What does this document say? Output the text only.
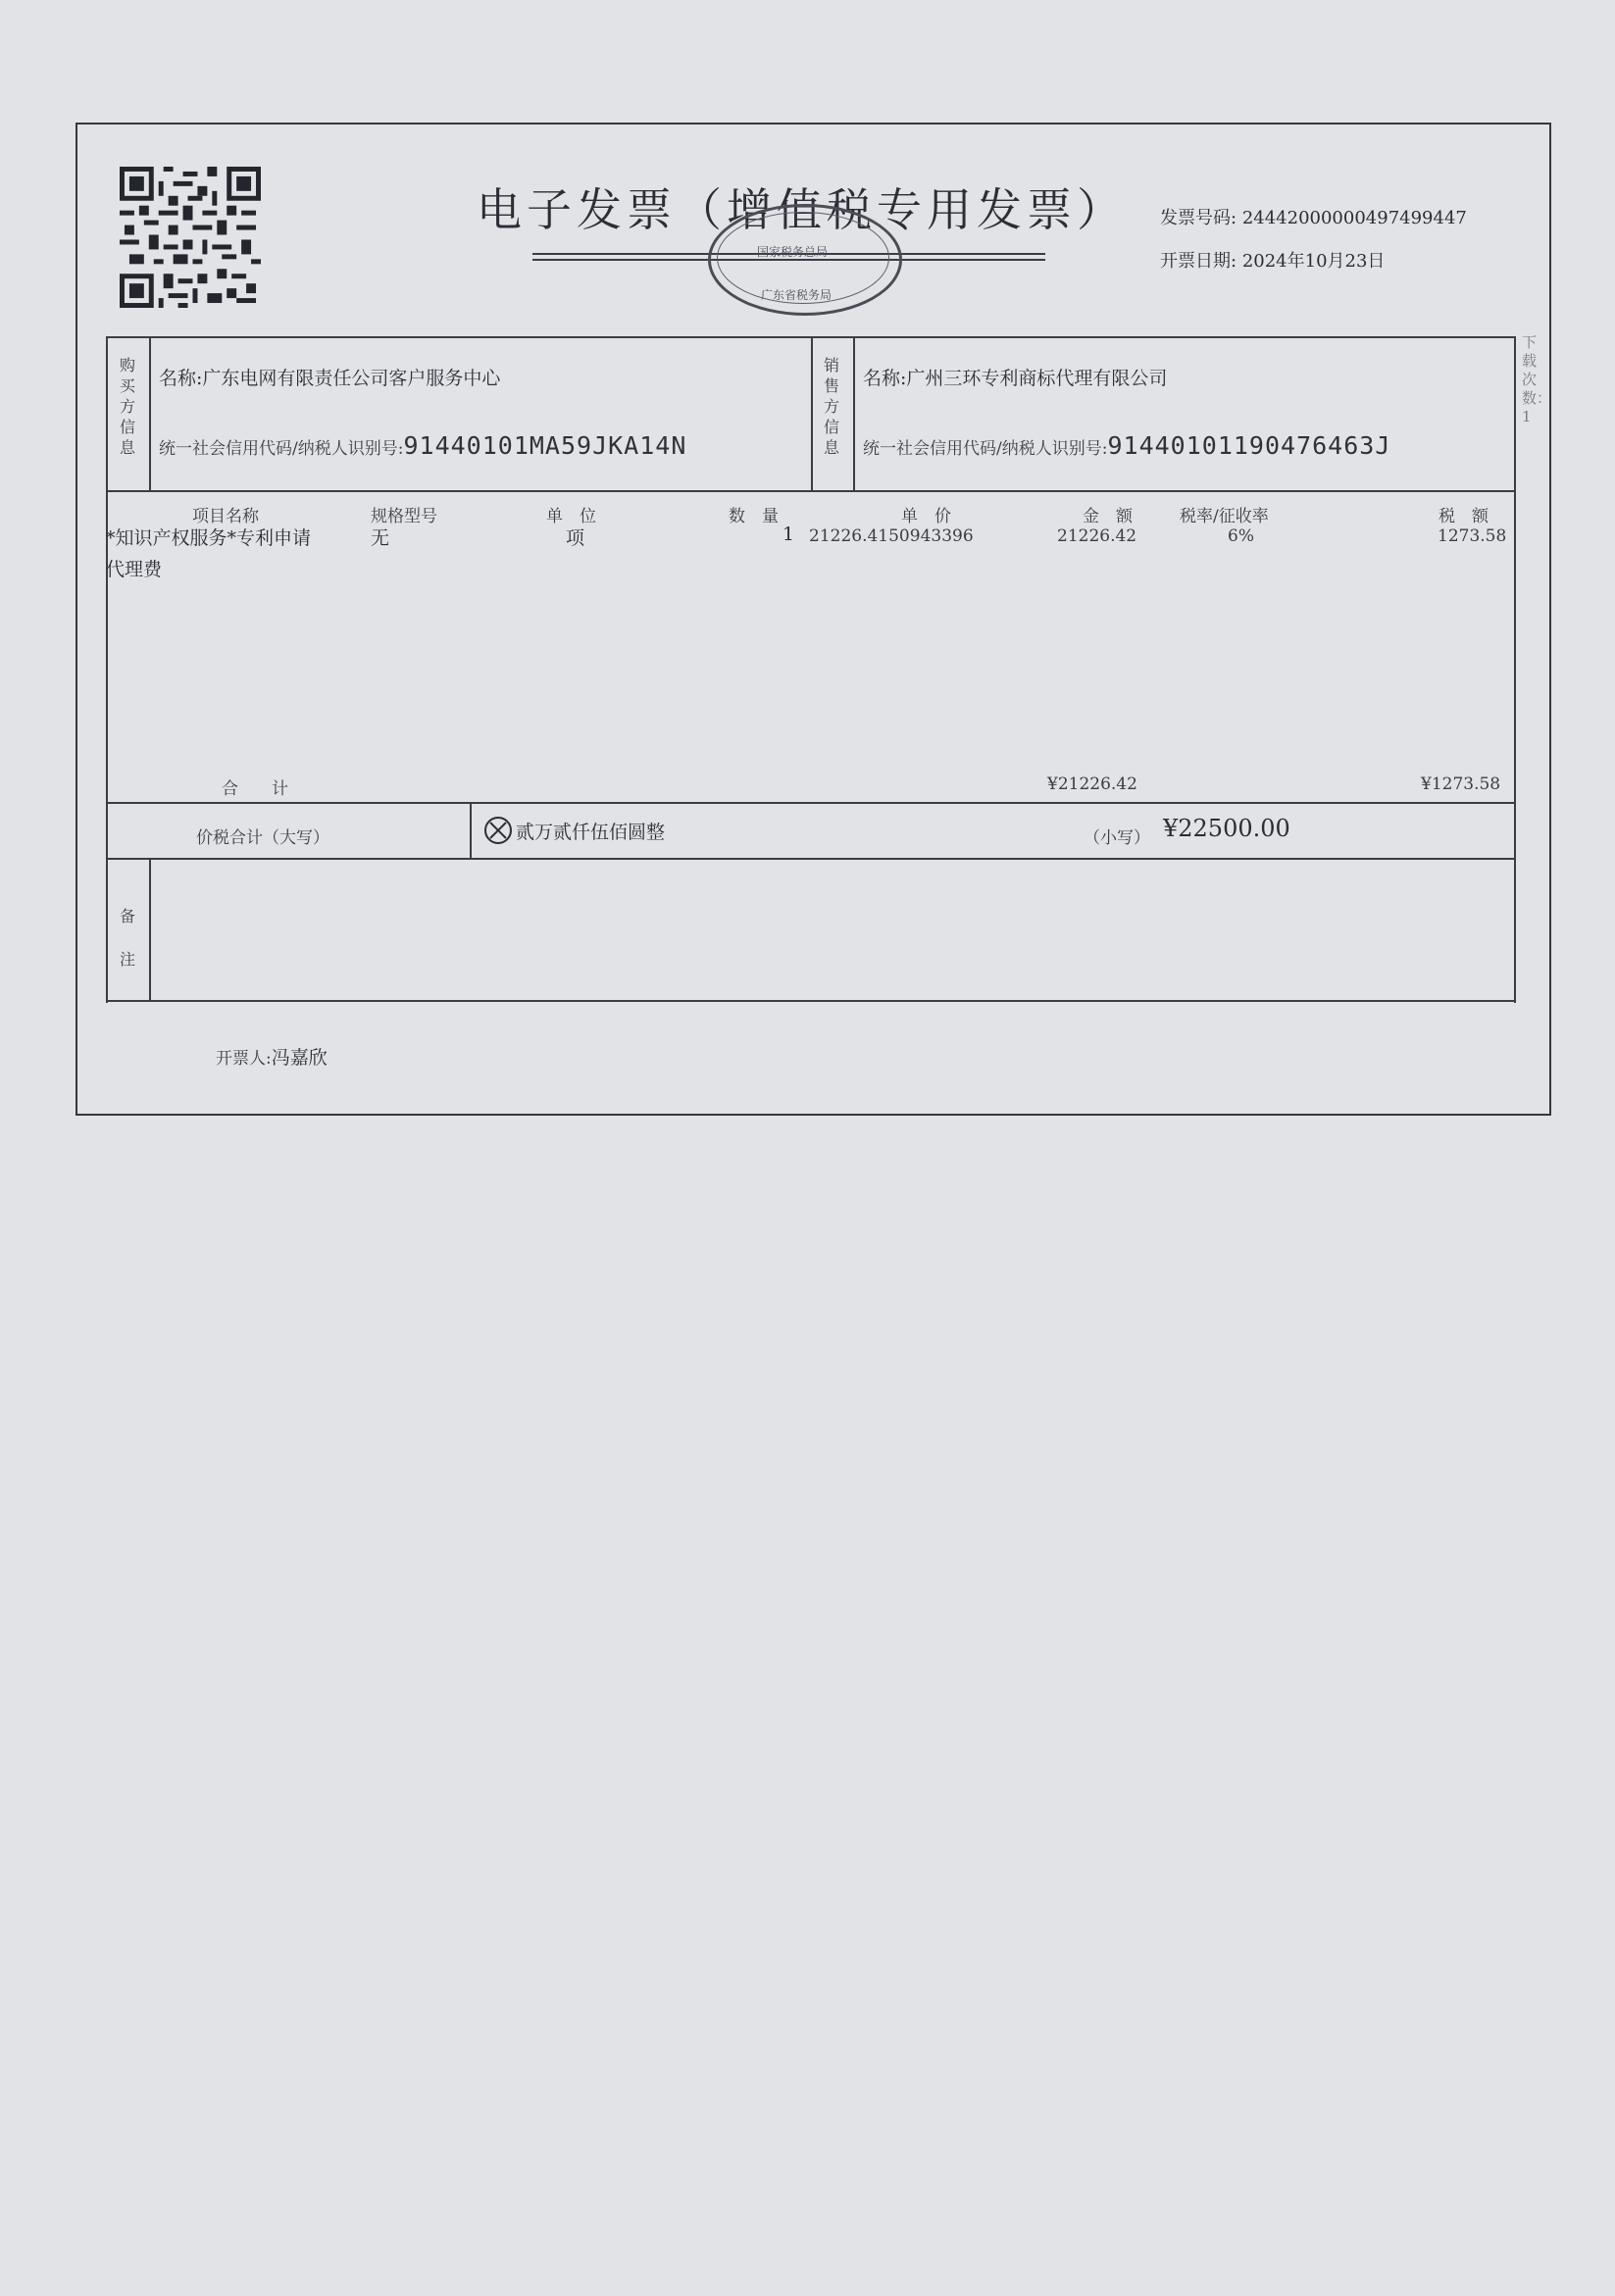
电子发票（增值税专用发票）
国家税务总局
广东省税务局
发票号码: 24442000000497499447
开票日期: 2024年10月23日
购买方信息
名称:广东电网有限责任公司客户服务中心
统一社会信用代码/纳税人识别号:91440101MA59JKA14N
销售方信息
名称:广州三环专利商标代理有限公司
统一社会信用代码/纳税人识别号:91440101190476463J
项目名称	规格型号	单　位	数　量	单　价	金　额	税率/征收率	税　额
*知识产权服务*专利申请
代理费
无	项	1 21226.4150943396	21226.42	6%	1273.58
合　　计	¥21226.42	¥1273.58
价税合计（大写）	贰万贰仟伍佰圆整	（小写） ¥22500.00
备注
开票人:冯嘉欣
下载次数：1
